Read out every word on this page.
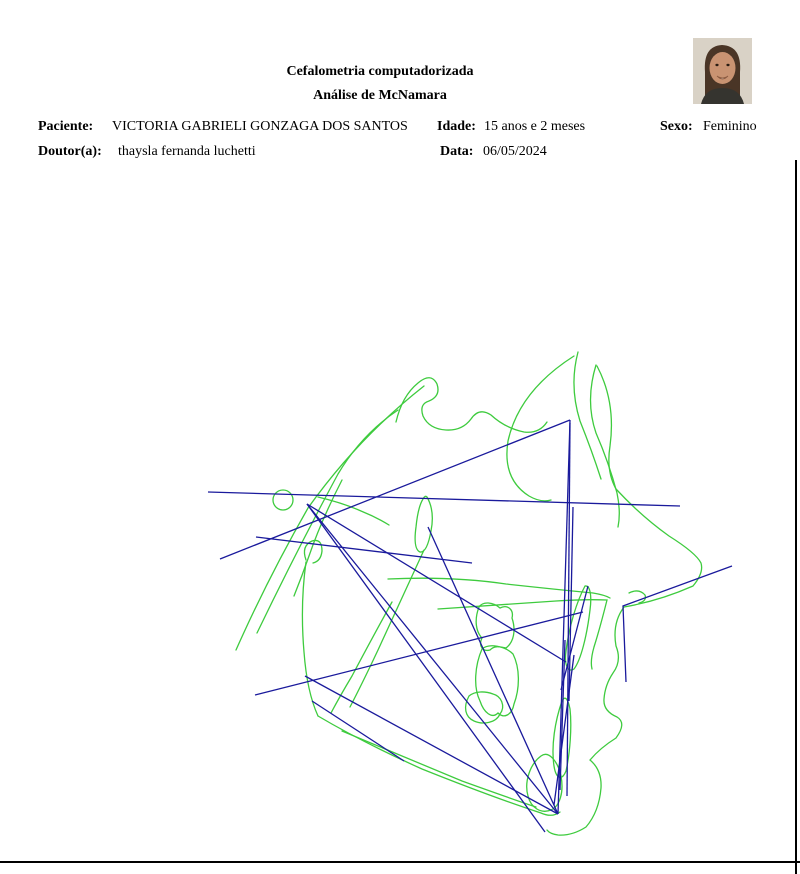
Cefalometria computadorizada
Análise de McNamara
Paciente: VICTORIA GABRIELI GONZAGA DOS SANTOS Idade: 15 anos e 2 meses	Sexo: Feminino
Doutor(a): thaysla fernanda luchetti	Data: 06/05/2024
